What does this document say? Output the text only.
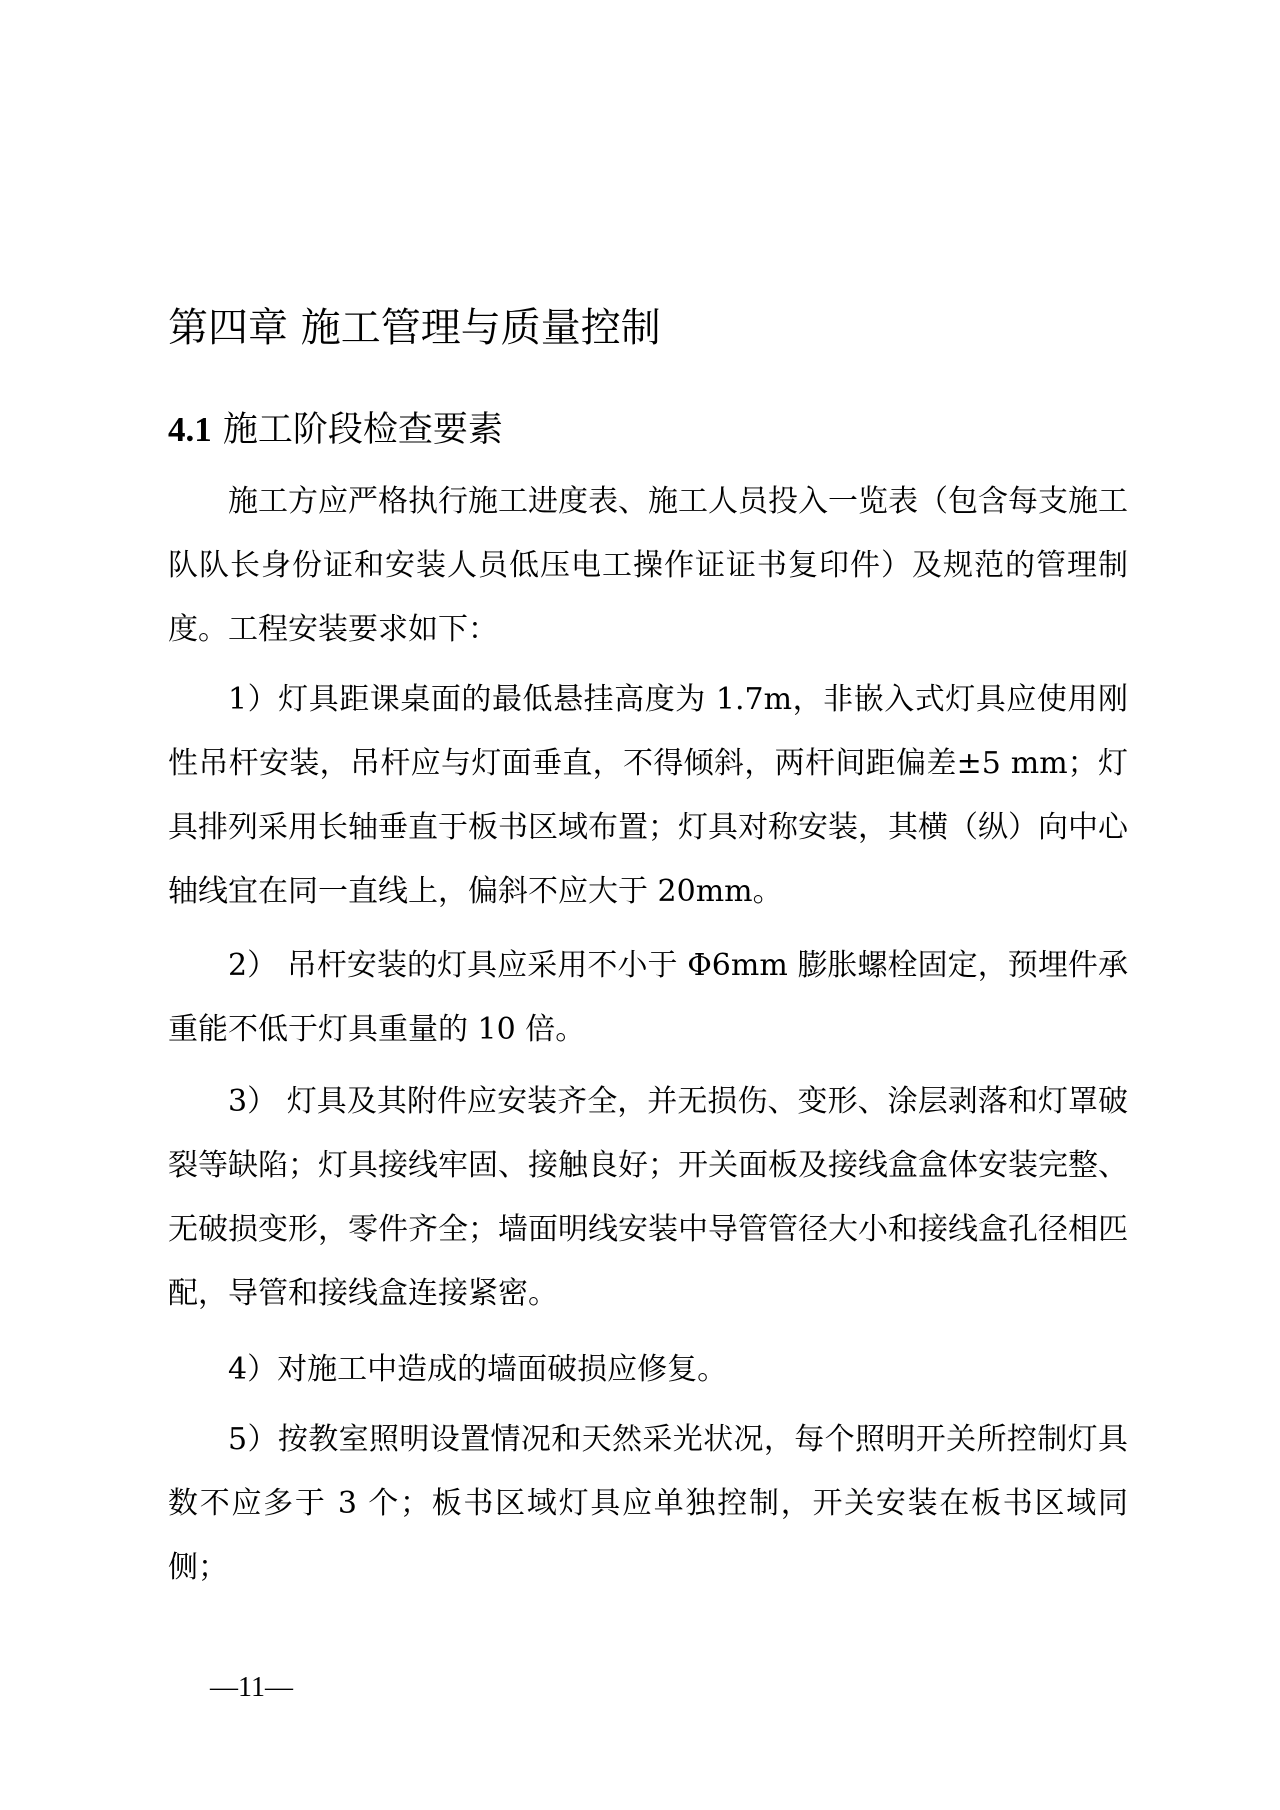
第四章 施工管理与质量控制
4.1 施工阶段检查要素

施工方应严格执行施工进度表、施工人员投入一览表（包含每支施工队队长身份证和安装人员低压电工操作证证书复印件）及规范的管理制度。工程安装要求如下：

1）灯具距课桌面的最低悬挂高度为 1.7m，非嵌入式灯具应使用刚性吊杆安装，吊杆应与灯面垂直，不得倾斜，两杆间距偏差±5 mm；灯具排列采用长轴垂直于板书区域布置；灯具对称安装，其横（纵）向中心轴线宜在同一直线上，偏斜不应大于 20mm。

2） 吊杆安装的灯具应采用不小于 Φ6mm 膨胀螺栓固定，预埋件承重能不低于灯具重量的 10 倍。

3） 灯具及其附件应安装齐全，并无损伤、变形、涂层剥落和灯罩破裂等缺陷；灯具接线牢固、接触良好；开关面板及接线盒盒体安装完整、无破损变形，零件齐全；墙面明线安装中导管管径大小和接线盒孔径相匹配，导管和接线盒连接紧密。

4）对施工中造成的墙面破损应修复。

5）按教室照明设置情况和天然采光状况，每个照明开关所控制灯具数不应多于 3 个；板书区域灯具应单独控制，开关安装在板书区域同侧；

—11—
